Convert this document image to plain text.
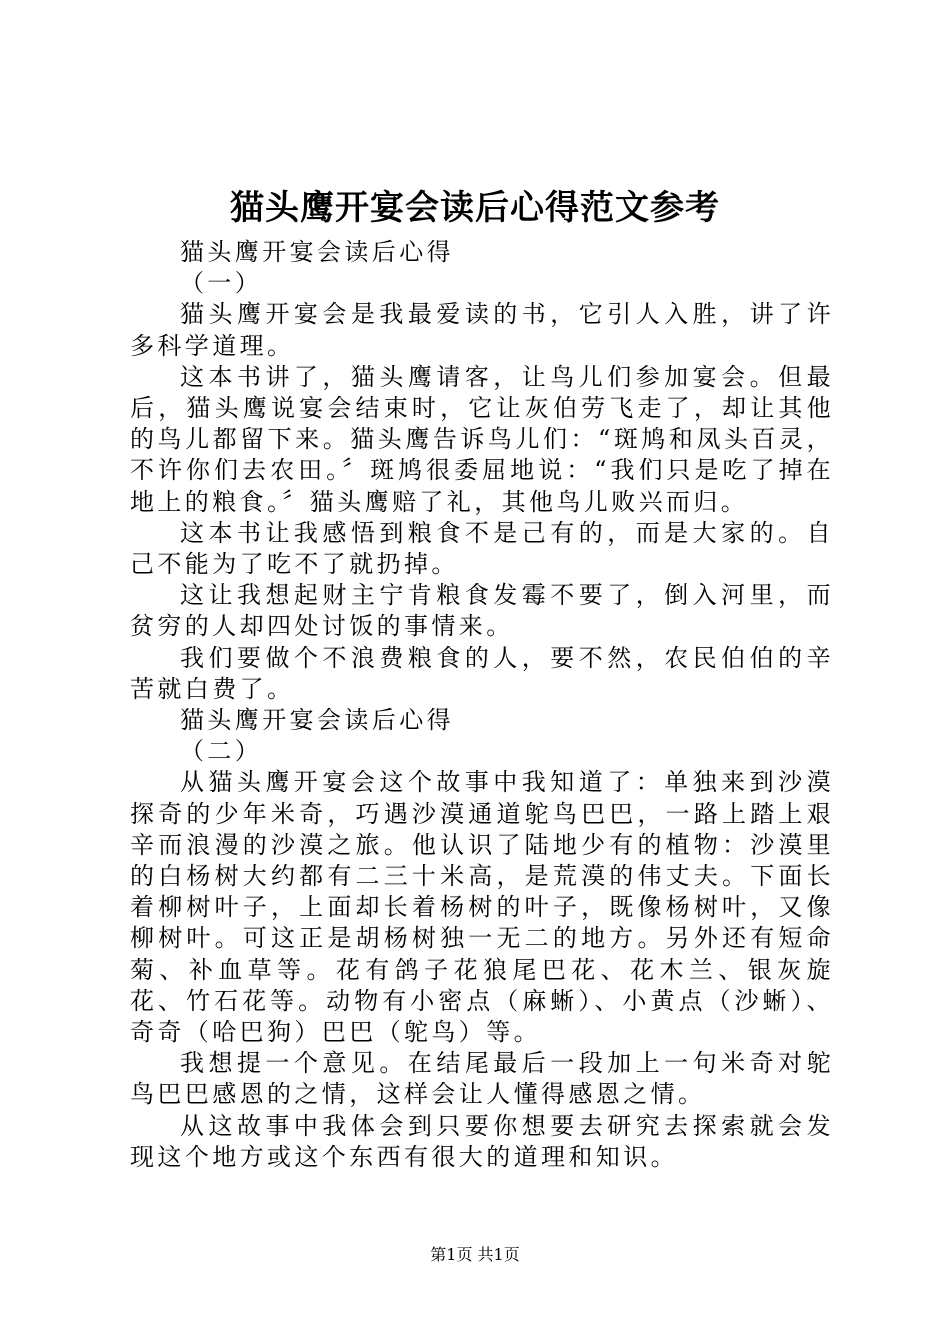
猫头鹰开宴会读后心得范文参考

猫头鹰开宴会读后心得

（一）

猫头鹰开宴会是我最爱读的书，它引人入胜，讲了许多科学道理。

这本书讲了，猫头鹰请客，让鸟儿们参加宴会。但最后，猫头鹰说宴会结束时，它让灰伯劳飞走了，却让其他的鸟儿都留下来。猫头鹰告诉鸟儿们：“斑鸠和凤头百灵，不许你们去农田。〞斑鸠很委屈地说：“我们只是吃了掉在地上的粮食。〞猫头鹰赔了礼，其他鸟儿败兴而归。

这本书让我感悟到粮食不是己有的，而是大家的。自己不能为了吃不了就扔掉。

这让我想起财主宁肯粮食发霉不要了，倒入河里，而贫穷的人却四处讨饭的事情来。

我们要做个不浪费粮食的人，要不然，农民伯伯的辛苦就白费了。

猫头鹰开宴会读后心得

（二）

从猫头鹰开宴会这个故事中我知道了：单独来到沙漠探奇的少年米奇，巧遇沙漠通道鸵鸟巴巴，一路上踏上艰辛而浪漫的沙漠之旅。他认识了陆地少有的植物：沙漠里的白杨树大约都有二三十米高，是荒漠的伟丈夫。下面长着柳树叶子，上面却长着杨树的叶子，既像杨树叶，又像柳树叶。可这正是胡杨树独一无二的地方。另外还有短命菊、补血草等。花有鸽子花狼尾巴花、花木兰、银灰旋花、竹石花等。动物有小密点（麻蜥）、小黄点（沙蜥）、奇奇（哈巴狗）巴巴（鸵鸟）等。

我想提一个意见。在结尾最后一段加上一句米奇对鸵鸟巴巴感恩的之情，这样会让人懂得感恩之情。

从这故事中我体会到只要你想要去研究去探索就会发现这个地方或这个东西有很大的道理和知识。

第1页 共1页
